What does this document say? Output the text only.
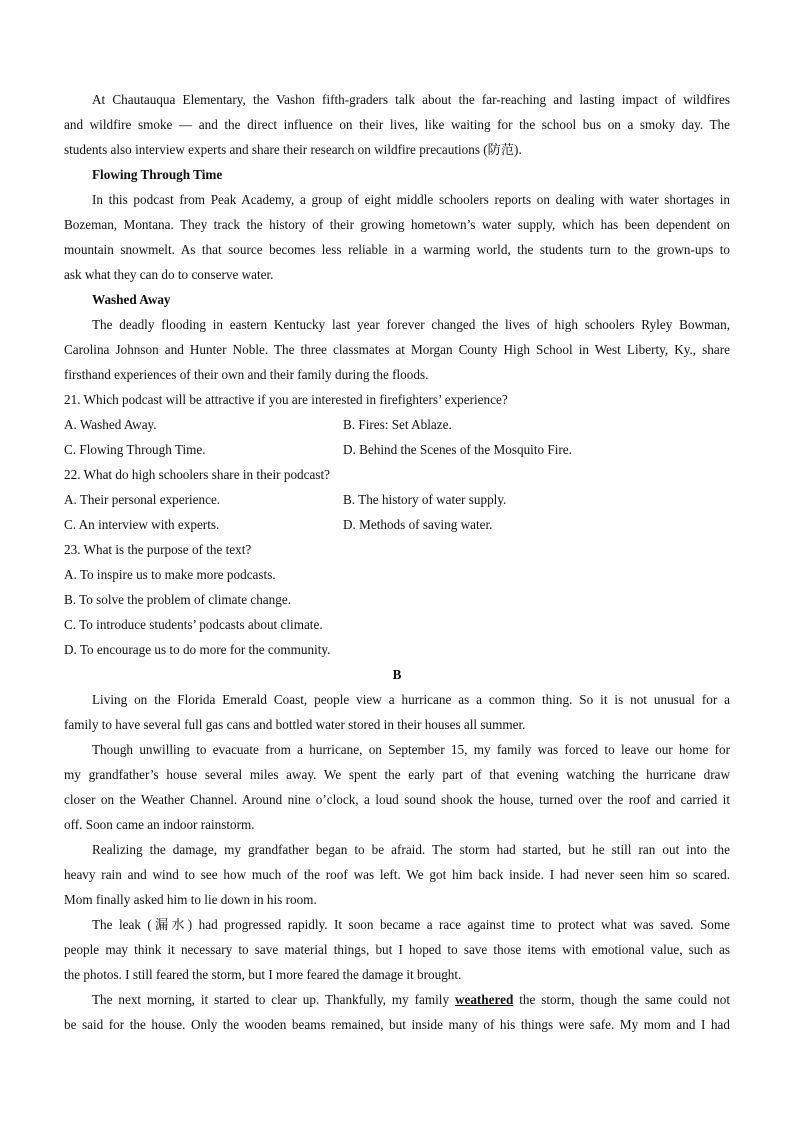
At Chautauqua Elementary, the Vashon fifth-graders talk about the far-reaching and lasting impact of wildfires
and wildfire smoke — and the direct influence on their lives, like waiting for the school bus on a smoky day. The
students also interview experts and share their research on wildfire precautions (防范).
Flowing Through Time
In this podcast from Peak Academy, a group of eight middle schoolers reports on dealing with water shortages in
Bozeman, Montana. They track the history of their growing hometown’s water supply, which has been dependent on
mountain snowmelt. As that source becomes less reliable in a warming world, the students turn to the grown-ups to
ask what they can do to conserve water.
Washed Away
The deadly flooding in eastern Kentucky last year forever changed the lives of high schoolers Ryley Bowman,
Carolina Johnson and Hunter Noble. The three classmates at Morgan County High School in West Liberty, Ky., share
firsthand experiences of their own and their family during the floods.
21. Which podcast will be attractive if you are interested in firefighters’ experience?
A. Washed Away.	B. Fires: Set Ablaze.
C. Flowing Through Time.	D. Behind the Scenes of the Mosquito Fire.
22. What do high schoolers share in their podcast?
A. Their personal experience.	B. The history of water supply.
C. An interview with experts.	D. Methods of saving water.
23. What is the purpose of the text?
A. To inspire us to make more podcasts.
B. To solve the problem of climate change.
C. To introduce students’ podcasts about climate.
D. To encourage us to do more for the community.
B
Living on the Florida Emerald Coast, people view a hurricane as a common thing. So it is not unusual for a
family to have several full gas cans and bottled water stored in their houses all summer.
Though unwilling to evacuate from a hurricane, on September 15, my family was forced to leave our home for
my grandfather’s house several miles away. We spent the early part of that evening watching the hurricane draw
closer on the Weather Channel. Around nine o’clock, a loud sound shook the house, turned over the roof and carried it
off. Soon came an indoor rainstorm.
Realizing the damage, my grandfather began to be afraid. The storm had started, but he still ran out into the
heavy rain and wind to see how much of the roof was left. We got him back inside. I had never seen him so scared.
Mom finally asked him to lie down in his room.
The leak (漏水) had progressed rapidly. It soon became a race against time to protect what was saved. Some
people may think it necessary to save material things, but I hoped to save those items with emotional value, such as
the photos. I still feared the storm, but I more feared the damage it brought.
The next morning, it started to clear up. Thankfully, my family weathered the storm, though the same could not
be said for the house. Only the wooden beams remained, but inside many of his things were safe. My mom and I had
